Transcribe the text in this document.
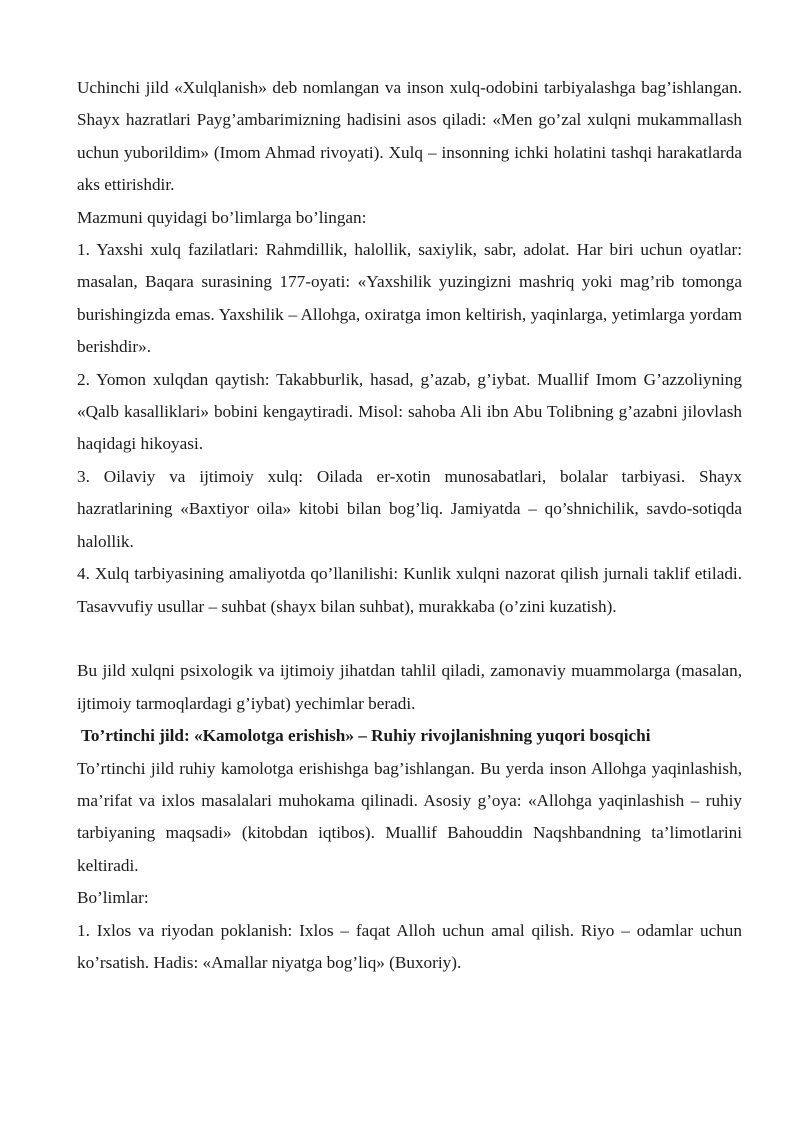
Uchinchi jild «Xulqlanish» deb nomlangan va inson xulq-odobini tarbiyalashga bag’ishlangan. Shayx hazratlari Payg’ambarimizning hadisini asos qiladi: «Men go’zal xulqni mukammallash uchun yuborildim» (Imom Ahmad rivoyati). Xulq – insonning ichki holatini tashqi harakatlarda aks ettirishdir.

Mazmuni quyidagi bo’limlarga bo’lingan:

1. Yaxshi xulq fazilatlari: Rahmdillik, halollik, saxiylik, sabr, adolat. Har biri uchun oyatlar: masalan, Baqara surasining 177-oyati: «Yaxshilik yuzingizni mashriq yoki mag’rib tomonga burishingizda emas. Yaxshilik – Allohga, oxiratga imon keltirish, yaqinlarga, yetimlarga yordam berishdir».

2. Yomon xulqdan qaytish: Takabburlik, hasad, g’azab, g’iybat. Muallif Imom G’azzoliyning «Qalb kasalliklari» bobini kengaytiradi. Misol: sahoba Ali ibn Abu Tolibning g’azabni jilovlash haqidagi hikoyasi.

3. Oilaviy va ijtimoiy xulq: Oilada er-xotin munosabatlari, bolalar tarbiyasi. Shayx hazratlarining «Baxtiyor oila» kitobi bilan bog’liq. Jamiyatda – qo’shnichilik, savdo-sotiqda halollik.

4. Xulq tarbiyasining amaliyotda qo’llanilishi: Kunlik xulqni nazorat qilish jurnali taklif etiladi. Tasavvufiy usullar – suhbat (shayx bilan suhbat), murakkaba (o’zini kuzatish).

Bu jild xulqni psixologik va ijtimoiy jihatdan tahlil qiladi, zamonaviy muammolarga (masalan, ijtimoiy tarmoqlardagi g’iybat) yechimlar beradi.

To’rtinchi jild: «Kamolotga erishish» – Ruhiy rivojlanishning yuqori bosqichi

To’rtinchi jild ruhiy kamolotga erishishga bag’ishlangan. Bu yerda inson Allohga yaqinlashish, ma’rifat va ixlos masalalari muhokama qilinadi. Asosiy g’oya: «Allohga yaqinlashish – ruhiy tarbiyaning maqsadi» (kitobdan iqtibos). Muallif Bahouddin Naqshbandning ta’limotlarini keltiradi.

Bo’limlar:

1. Ixlos va riyodan poklanish: Ixlos – faqat Alloh uchun amal qilish. Riyo – odamlar uchun ko’rsatish. Hadis: «Amallar niyatga bog’liq» (Buxoriy).
